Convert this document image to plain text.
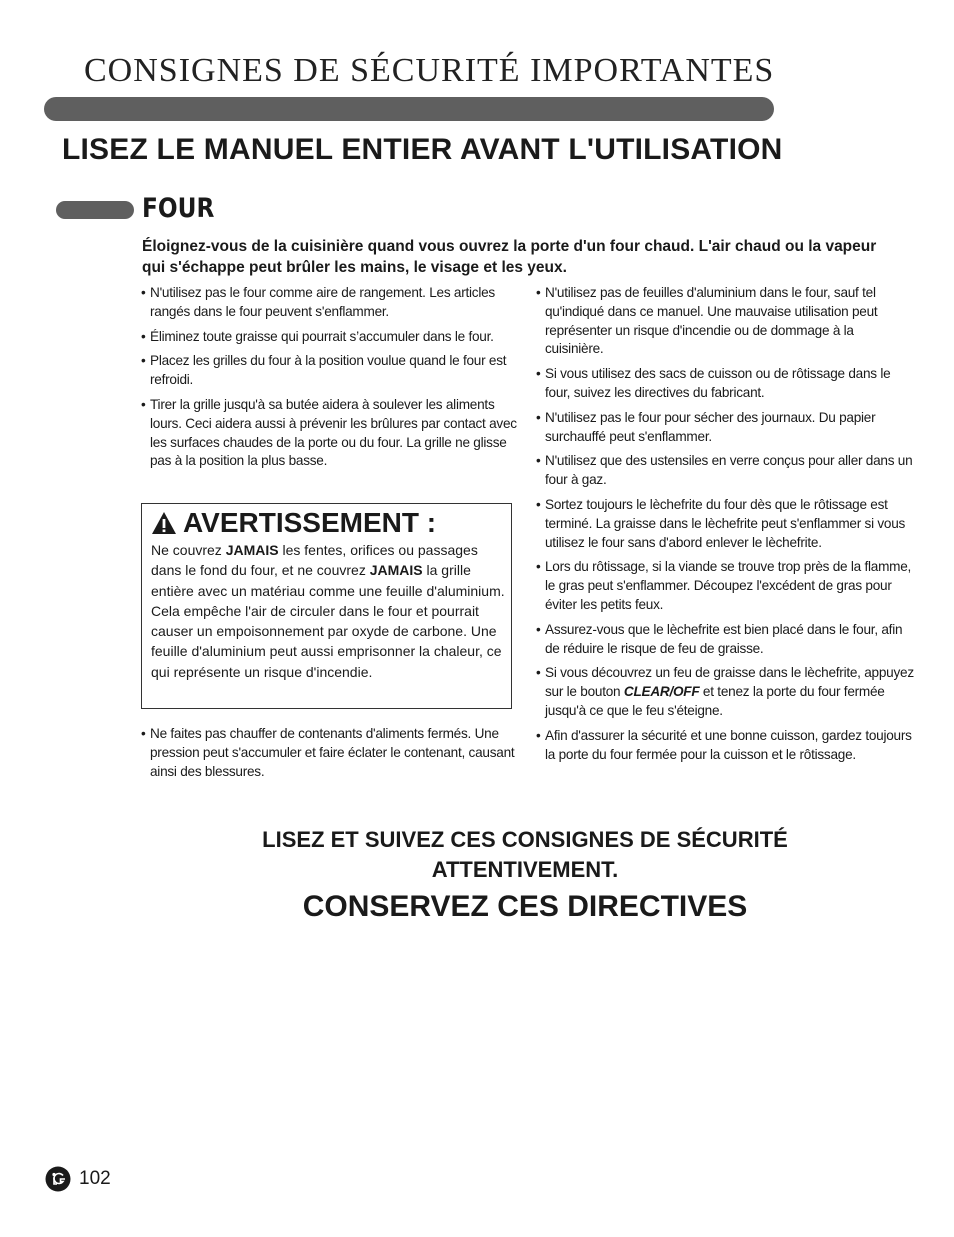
CONSIGNES DE SÉCURITÉ IMPORTANTES
LISEZ LE MANUEL ENTIER AVANT L'UTILISATION
FOUR

Éloignez-vous de la cuisinière quand vous ouvrez la porte d'un four chaud. L'air chaud ou la vapeur qui s'échappe peut brûler les mains, le visage et les yeux.

• N'utilisez pas le four comme aire de rangement. Les articles rangés dans le four peuvent s'enflammer.
• Éliminez toute graisse qui pourrait s’accumuler dans le four.
• Placez les grilles du four à la position voulue quand le four est refroidi.
• Tirer la grille jusqu'à sa butée aidera à soulever les aliments lours. Ceci aidera aussi à prévenir les brûlures par contact avec les surfaces chaudes de la porte ou du four. La grille ne glisse pas à la position la plus basse.
AVERTISSEMENT :

Ne couvrez JAMAIS les fentes, orifices ou passages dans le fond du four, et ne couvrez JAMAIS la grille entière avec un matériau comme une feuille d'aluminium. Cela empêche l'air de circuler dans le four et pourrait causer un empoisonnement par oxyde de carbone. Une feuille d'aluminium peut aussi emprisonner la chaleur, ce qui représente un risque d'incendie.

• Ne faites pas chauffer de contenants d'aliments fermés. Une pression peut s'accumuler et faire éclater le contenant, causant ainsi des blessures.
• N'utilisez pas de feuilles d'aluminium dans le four, sauf tel qu'indiqué dans ce manuel. Une mauvaise utilisation peut représenter un risque d'incendie ou de dommage à la cuisinière.
• Si vous utilisez des sacs de cuisson ou de rôtissage dans le four, suivez les directives du fabricant.
• N'utilisez pas le four pour sécher des journaux. Du papier surchauffé peut s'enflammer.
• N'utilisez que des ustensiles en verre conçus pour aller dans un four à gaz.
• Sortez toujours le lèchefrite du four dès que le rôtissage est terminé. La graisse dans le lèchefrite peut s'enflammer si vous utilisez le four sans d'abord enlever le lèchefrite.
• Lors du rôtissage, si la viande se trouve trop près de la flamme, le gras peut s'enflammer. Découpez l'excédent de gras pour éviter les petits feux.
• Assurez-vous que le lèchefrite est bien placé dans le four, afin de réduire le risque de feu de graisse.
• Si vous découvrez un feu de graisse dans le lèchefrite, appuyez sur le bouton CLEAR/OFF et tenez la porte du four fermée jusqu'à ce que le feu s'éteigne.
• Afin d'assurer la sécurité et une bonne cuisson, gardez toujours la porte du four fermée pour la cuisson et le rôtissage.

LISEZ ET SUIVEZ CES CONSIGNES DE SÉCURITÉ ATTENTIVEMENT.

CONSERVEZ CES DIRECTIVES

102
